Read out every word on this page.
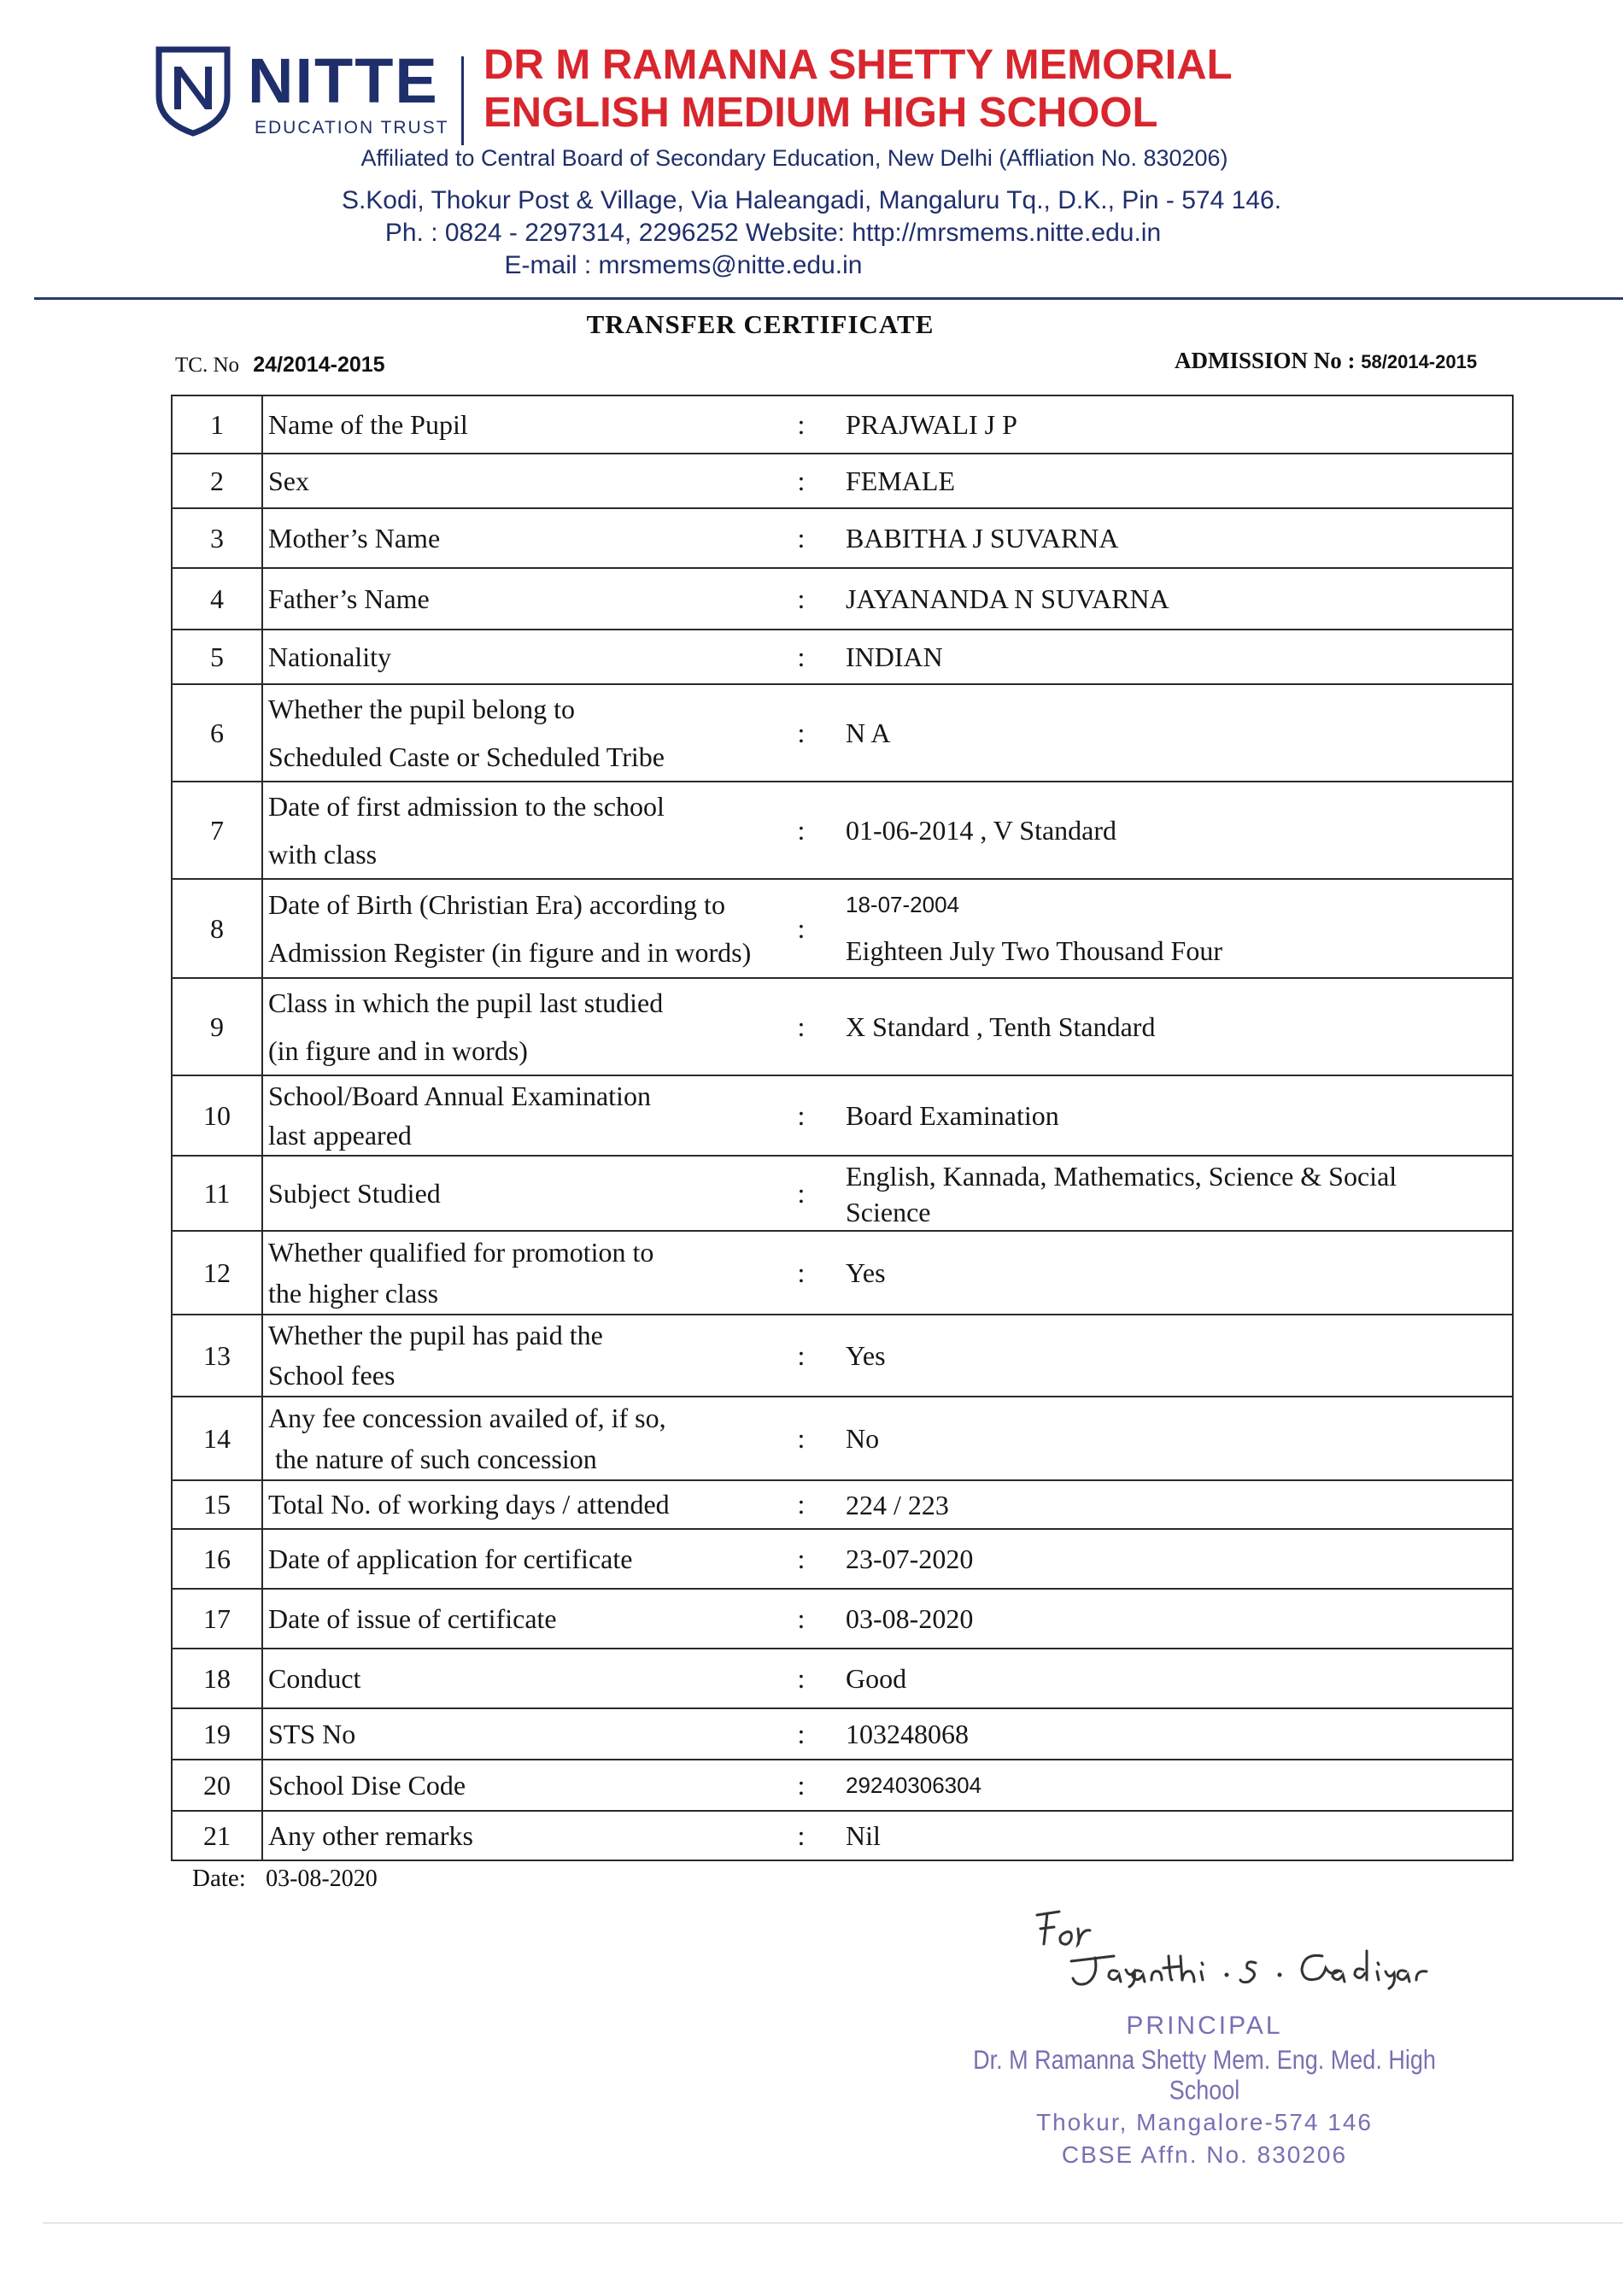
NITTE
EDUCATION TRUST
DR M RAMANNA SHETTY MEMORIAL
ENGLISH MEDIUM HIGH SCHOOL
Affiliated to Central Board of Secondary Education, New Delhi (Affliation No. 830206)
S.Kodi, Thokur Post & Village, Via Haleangadi, Mangaluru Tq., D.K., Pin - 574 146.
Ph. : 0824 - 2297314, 2296252 Website: http://mrsmems.nitte.edu.in
E-mail : mrsmems@nitte.edu.in
TRANSFER CERTIFICATE
TC. No 24/2014-2015	ADMISSION No : 58/2014-2015
1	Name of the Pupil	:	PRAJWALI J P
2	Sex	:	FEMALE
3	Mother’s Name	:	BABITHA J SUVARNA
4	Father’s Name	:	JAYANANDA N SUVARNA
5	Nationality	:	INDIAN
6	Whether the pupil belong to
Scheduled Caste or Scheduled Tribe	:	N A
7	Date of first admission to the school
with class	:	01-06-2014 , V Standard
8	Date of Birth (Christian Era) according to
Admission Register (in figure and in words)	:	18-07-2004
Eighteen July Two Thousand Four

9	Class in which the pupil last studied
(in figure and in words)	:	X Standard , Tenth Standard
10	School/Board Annual Examination
last appeared	:	Board Examination
11	Subject Studied	:	English, Kannada, Mathematics, Science & Social
Science

12	Whether qualified for promotion to
the higher class	:	Yes
13	Whether the pupil has paid the
School fees	:	Yes
14	Any fee concession availed of, if so,
the nature of such concession	:	No
15	Total No. of working days / attended	:	224 / 223
16	Date of application for certificate	:	23-07-2020
17	Date of issue of certificate	:	03-08-2020
18	Conduct	:	Good
19	STS No	:	103248068
20	School Dise Code	:	29240306304
21	Any other remarks	:	Nil
Date: 03-08-2020
PRINCIPAL
Dr. M Ramanna Shetty Mem. Eng. Med. High School
Thokur, Mangalore-574 146
CBSE Affn. No. 830206
